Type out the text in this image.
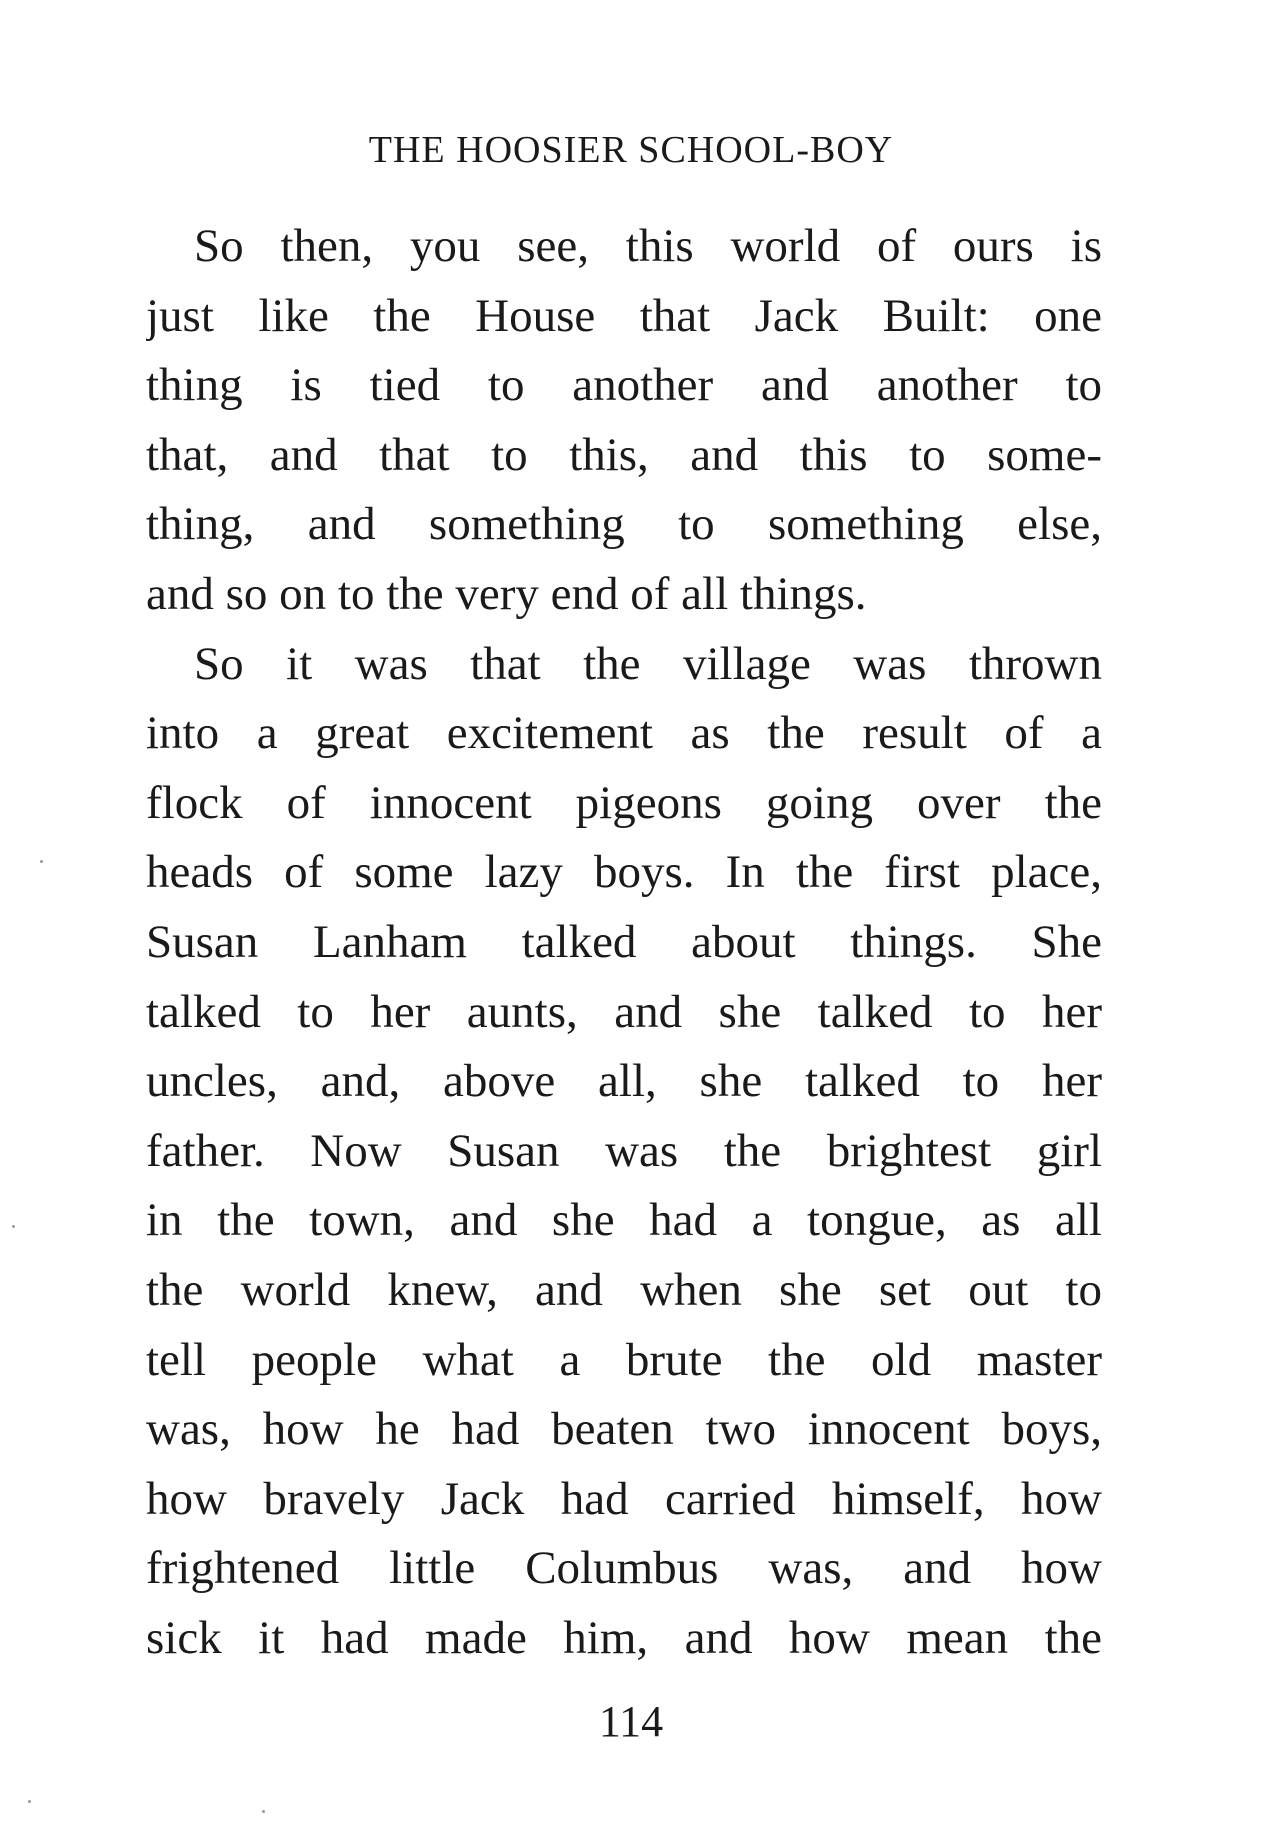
THE HOOSIER SCHOOL-BOY
So then, you see, this world of ours is
just like the House that Jack Built: one
thing is tied to another and another to
that, and that to this, and this to some-
thing, and something to something else,
and so on to the very end of all things.
So it was that the village was thrown
into a great excitement as the result of a
flock of innocent pigeons going over the
heads of some lazy boys. In the first place,
Susan Lanham talked about things. She
talked to her aunts, and she talked to her
uncles, and, above all, she talked to her
father. Now Susan was the brightest girl
in the town, and she had a tongue, as all
the world knew, and when she set out to
tell people what a brute the old master
was, how he had beaten two innocent boys,
how bravely Jack had carried himself, how
frightened little Columbus was, and how
sick it had made him, and how mean the
114
